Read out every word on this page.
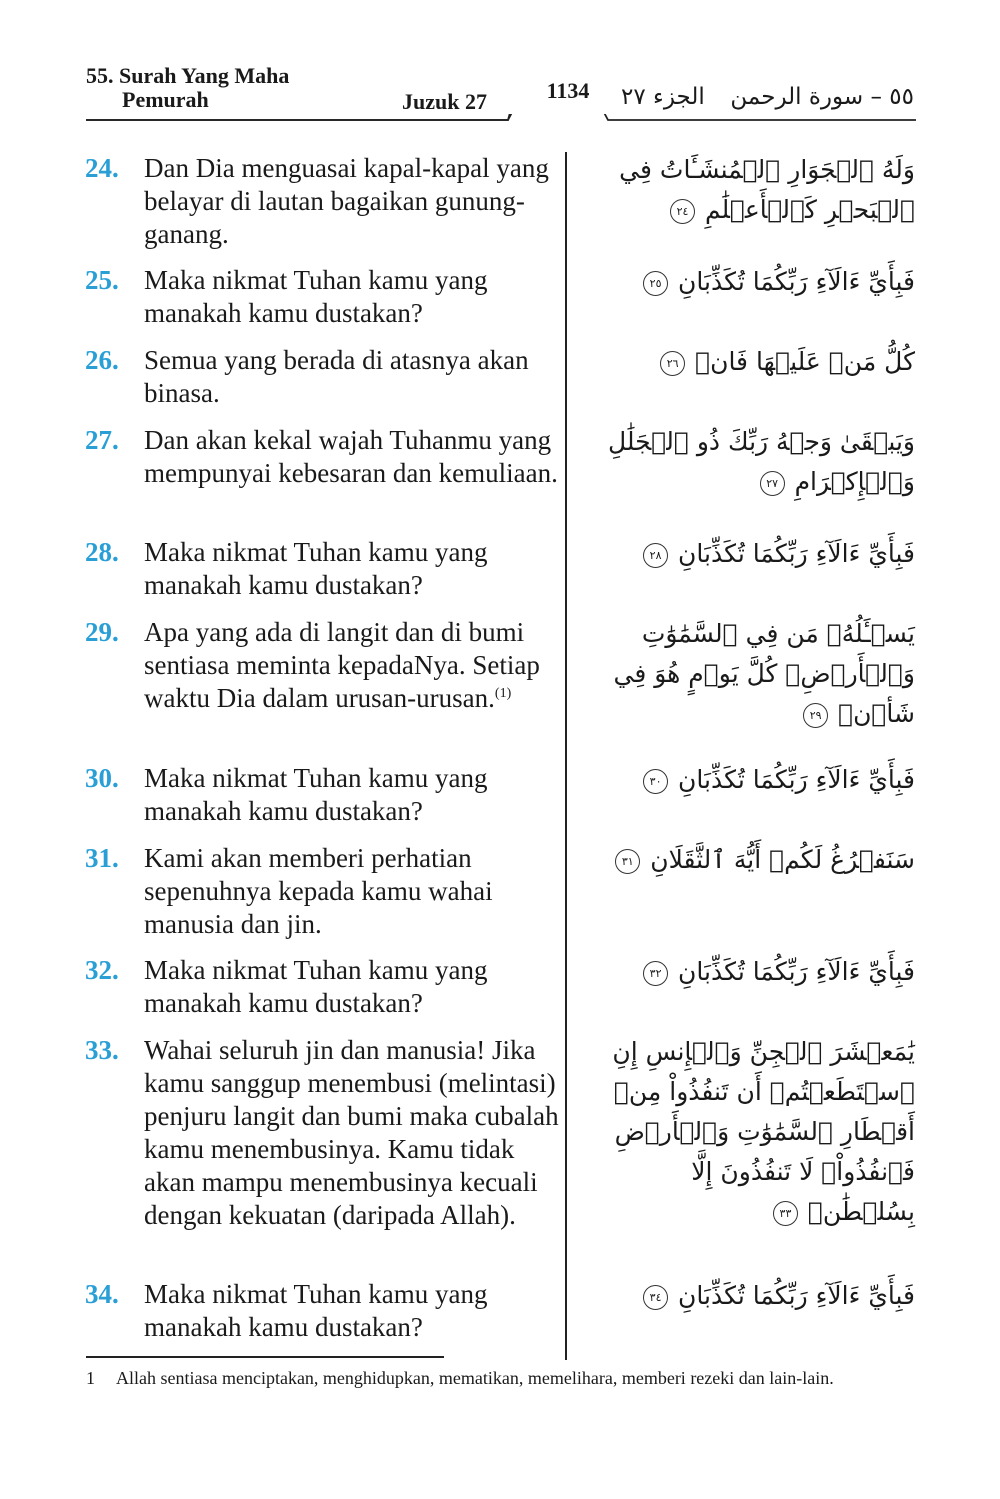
55. Surah Yang Maha
Pemurah	Juzuk 27	1134	الجزء ٢٧ ٥٥ – سورة الرحمن
24. Dan Dia menguasai kapal-kapal yang belayar di lautan bagaikan gunung-ganang.
وَلَهُ ٱلۡجَوَارِ ٱلۡمُنشَـَٔاتُ فِي ٱلۡبَحۡرِ كَٱلۡأَعۡلَٰمِ ٢٤
25. Maka nikmat Tuhan kamu yang manakah kamu dustakan?
فَبِأَيِّ ءَالَآءِ رَبِّكُمَا تُكَذِّبَانِ ٢٥
26. Semua yang berada di atasnya akan binasa.
كُلُّ مَنۡ عَلَيۡهَا فَانٖ ٢٦
27. Dan akan kekal wajah Tuhanmu yang mempunyai kebesaran dan kemuliaan.
وَيَبۡقَىٰ وَجۡهُ رَبِّكَ ذُو ٱلۡجَلَٰلِ وَٱلۡإِكۡرَامِ ٢٧
28. Maka nikmat Tuhan kamu yang manakah kamu dustakan?
فَبِأَيِّ ءَالَآءِ رَبِّكُمَا تُكَذِّبَانِ ٢٨
29. Apa yang ada di langit dan di bumi sentiasa meminta kepadaNya. Setiap waktu Dia dalam urusan-urusan.$^{(1)}$
يَسۡـَٔلُهُۥ مَن فِي ٱلسَّمَٰوَٰتِ وَٱلۡأَرۡضِۚ كُلَّ يَوۡمٍ هُوَ فِي شَأۡنٖ ٢٩
30. Maka nikmat Tuhan kamu yang manakah kamu dustakan?
فَبِأَيِّ ءَالَآءِ رَبِّكُمَا تُكَذِّبَانِ ٣٠
31. Kami akan memberi perhatian sepenuhnya kepada kamu wahai manusia dan jin.
سَنَفۡرُغُ لَكُمۡ أَيُّهَ ٱلثَّقَلَانِ ٣١
32. Maka nikmat Tuhan kamu yang manakah kamu dustakan?
فَبِأَيِّ ءَالَآءِ رَبِّكُمَا تُكَذِّبَانِ ٣٢
33. Wahai seluruh jin dan manusia! Jika kamu sanggup menembusi (melintasi) penjuru langit dan bumi maka cubalah kamu menembusinya. Kamu tidak akan mampu menembusinya kecuali dengan kekuatan (daripada Allah).
يَٰمَعۡشَرَ ٱلۡجِنِّ وَٱلۡإِنسِ إِنِ ٱسۡتَطَعۡتُمۡ أَن تَنفُذُواْ مِنۡ أَقۡطَارِ ٱلسَّمَٰوَٰتِ وَٱلۡأَرۡضِ فَٱنفُذُواْۚ لَا تَنفُذُونَ إِلَّا بِسُلۡطَٰنٖ ٣٣
34. Maka nikmat Tuhan kamu yang manakah kamu dustakan?
فَبِأَيِّ ءَالَآءِ رَبِّكُمَا تُكَذِّبَانِ ٣٤
1	Allah sentiasa menciptakan, menghidupkan, mematikan, memelihara, memberi rezeki dan lain-lain.
